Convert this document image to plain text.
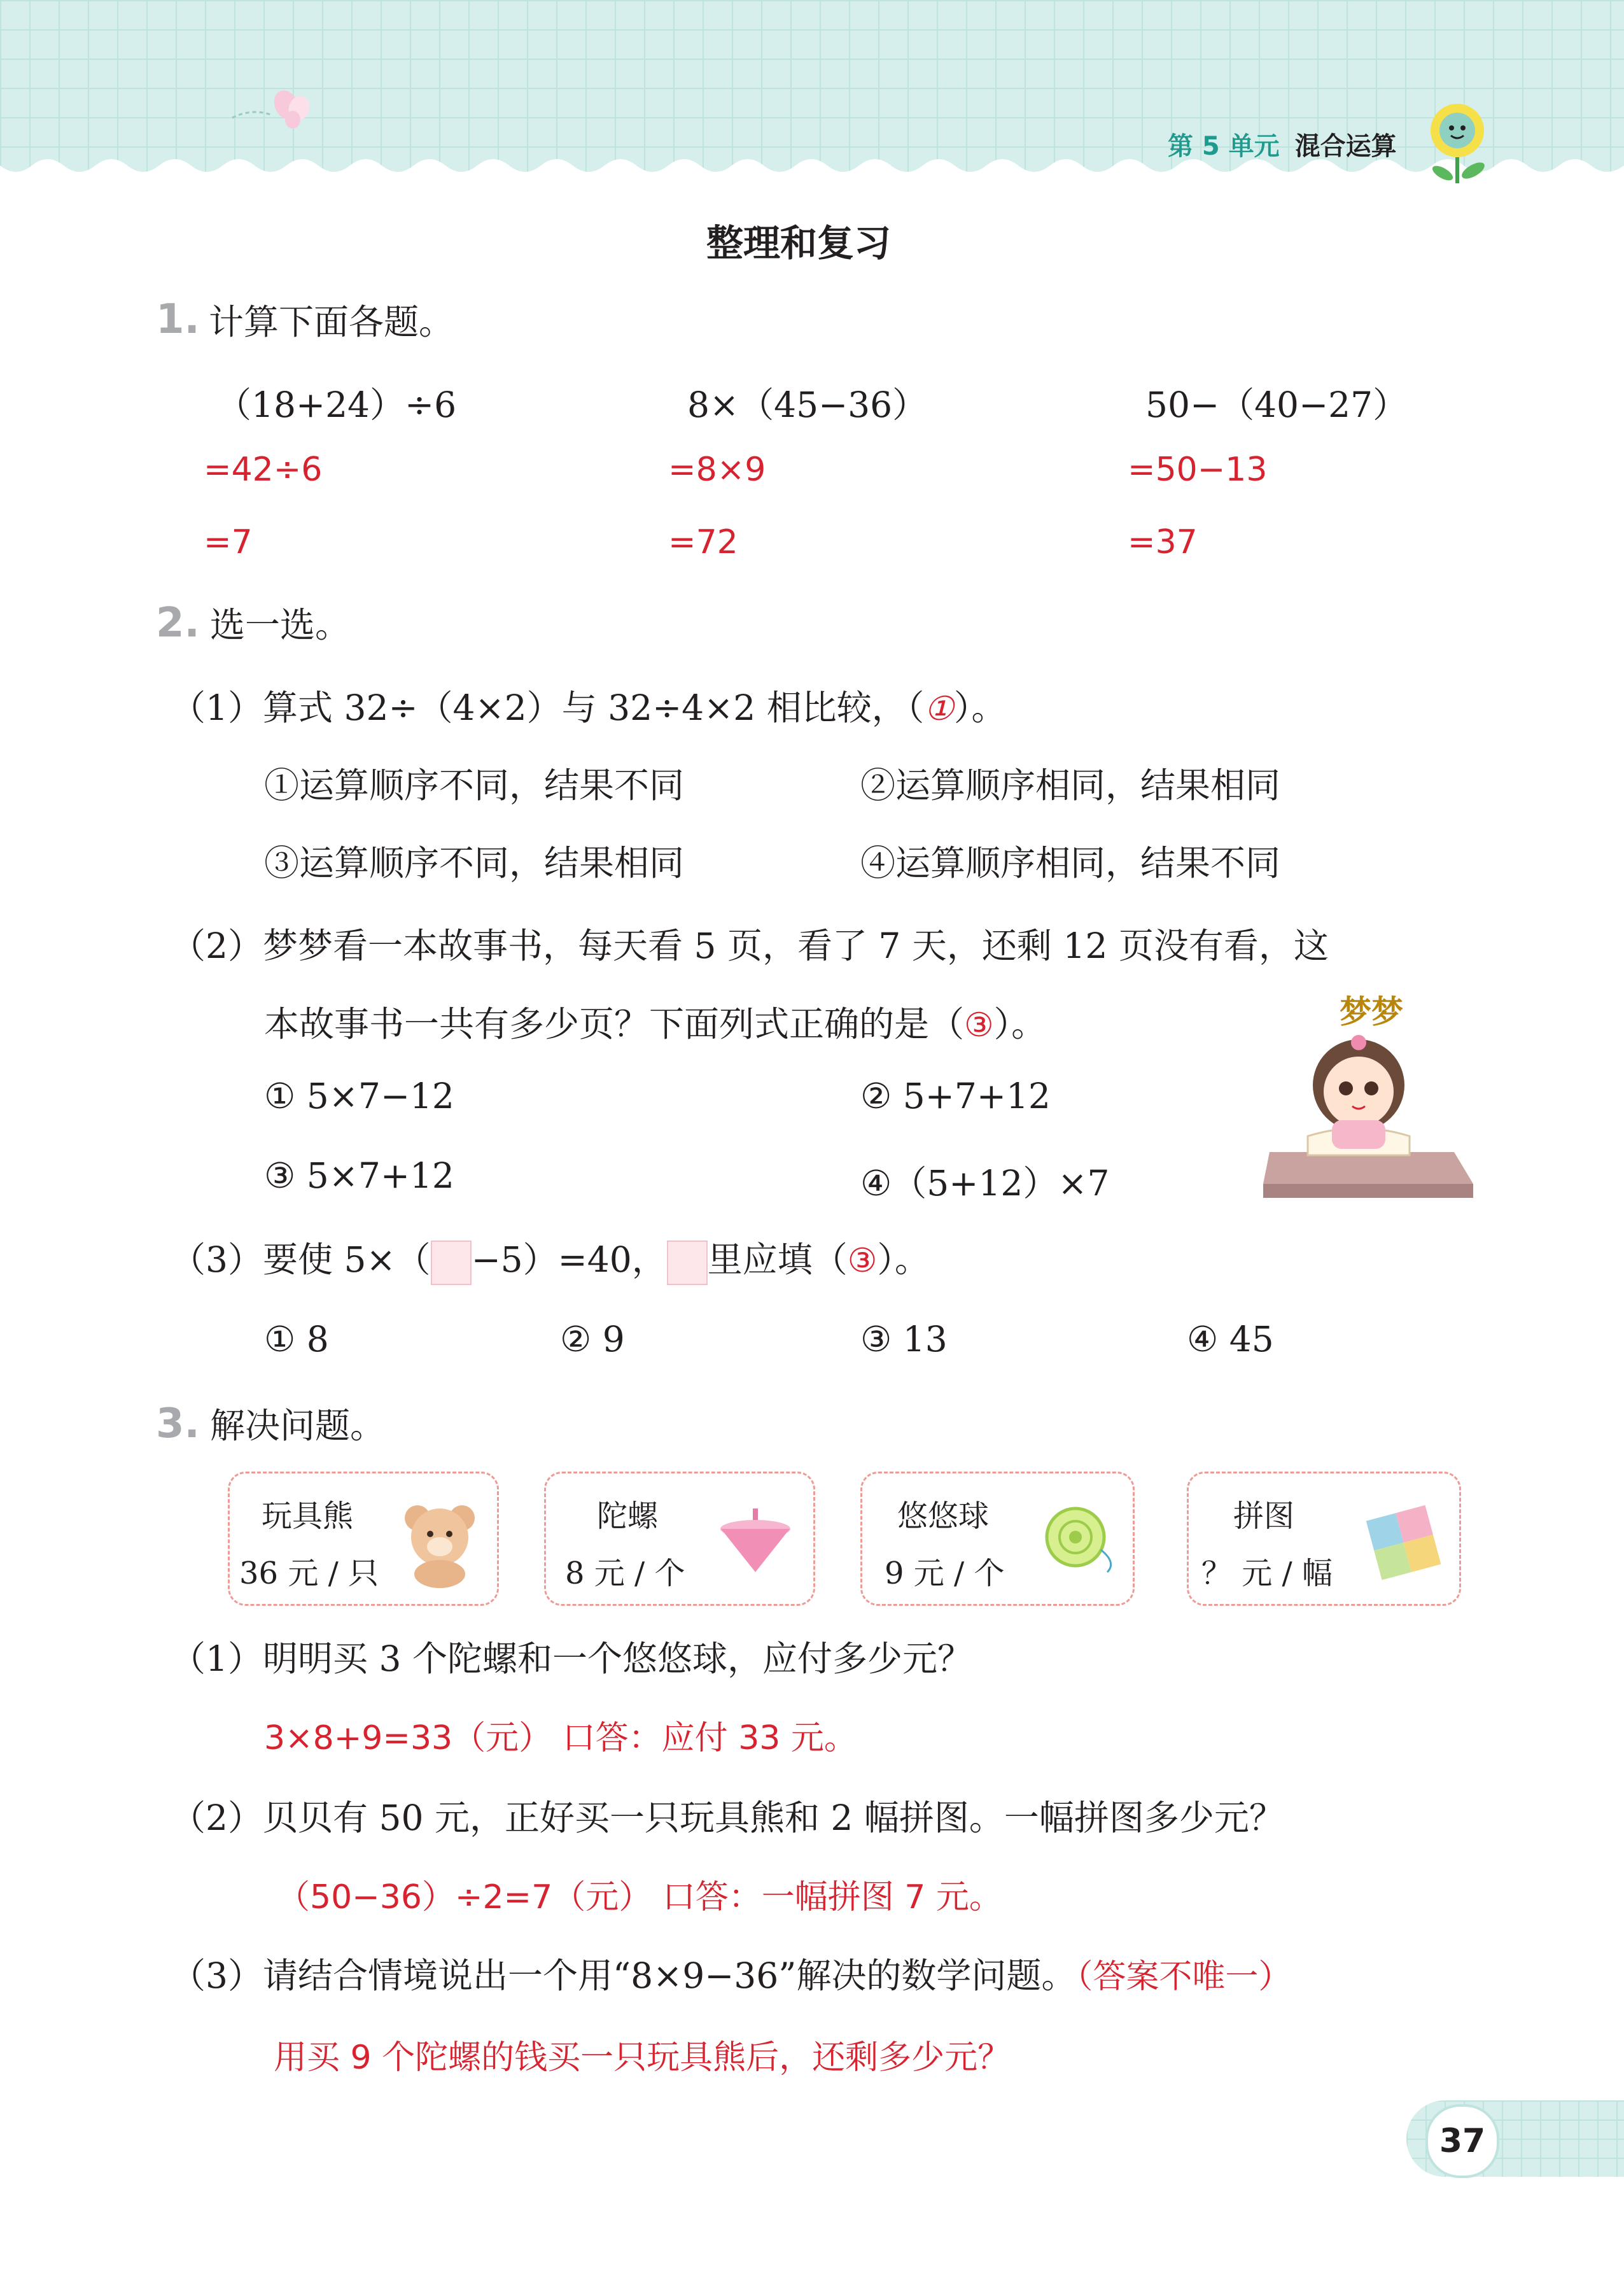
第 5 单元 混合运算
整理和复习
1. 计算下面各题。
（18+24）÷6	8×（45−36）	50−（40−27）
=42÷6	=8×9	=50−13
=7	=72	=37
2. 选一选。
（1）算式 32÷（4×2）与 32÷4×2 相比较，（①）。
①运算顺序不同，结果不同	②运算顺序相同，结果相同
③运算顺序不同，结果相同	④运算顺序相同，结果不同
（2）梦梦看一本故事书，每天看 5 页，看了 7 天，还剩 12 页没有看，这
本故事书一共有多少页？下面列式正确的是（③）。
① 5×7−12	② 5+7+12
③ 5×7+12	④（5+12）×7
梦梦
（3）要使 5×（ −5）=40， 里应填（③）。
① 8	② 9	③ 13	④ 45
3. 解决问题。
玩具熊
36 元 / 只
陀螺
8 元 / 个
悠悠球
9 元 / 个
拼图
？ 元 / 幅
（1）明明买 3 个陀螺和一个悠悠球，应付多少元？
3×8+9=33（元） 口答：应付 33 元。
（2）贝贝有 50 元，正好买一只玩具熊和 2 幅拼图。一幅拼图多少元？
（50−36）÷2=7（元） 口答：一幅拼图 7 元。
（3）请结合情境说出一个用“8×9−36”解决的数学问题。（答案不唯一）
用买 9 个陀螺的钱买一只玩具熊后，还剩多少元？
37
